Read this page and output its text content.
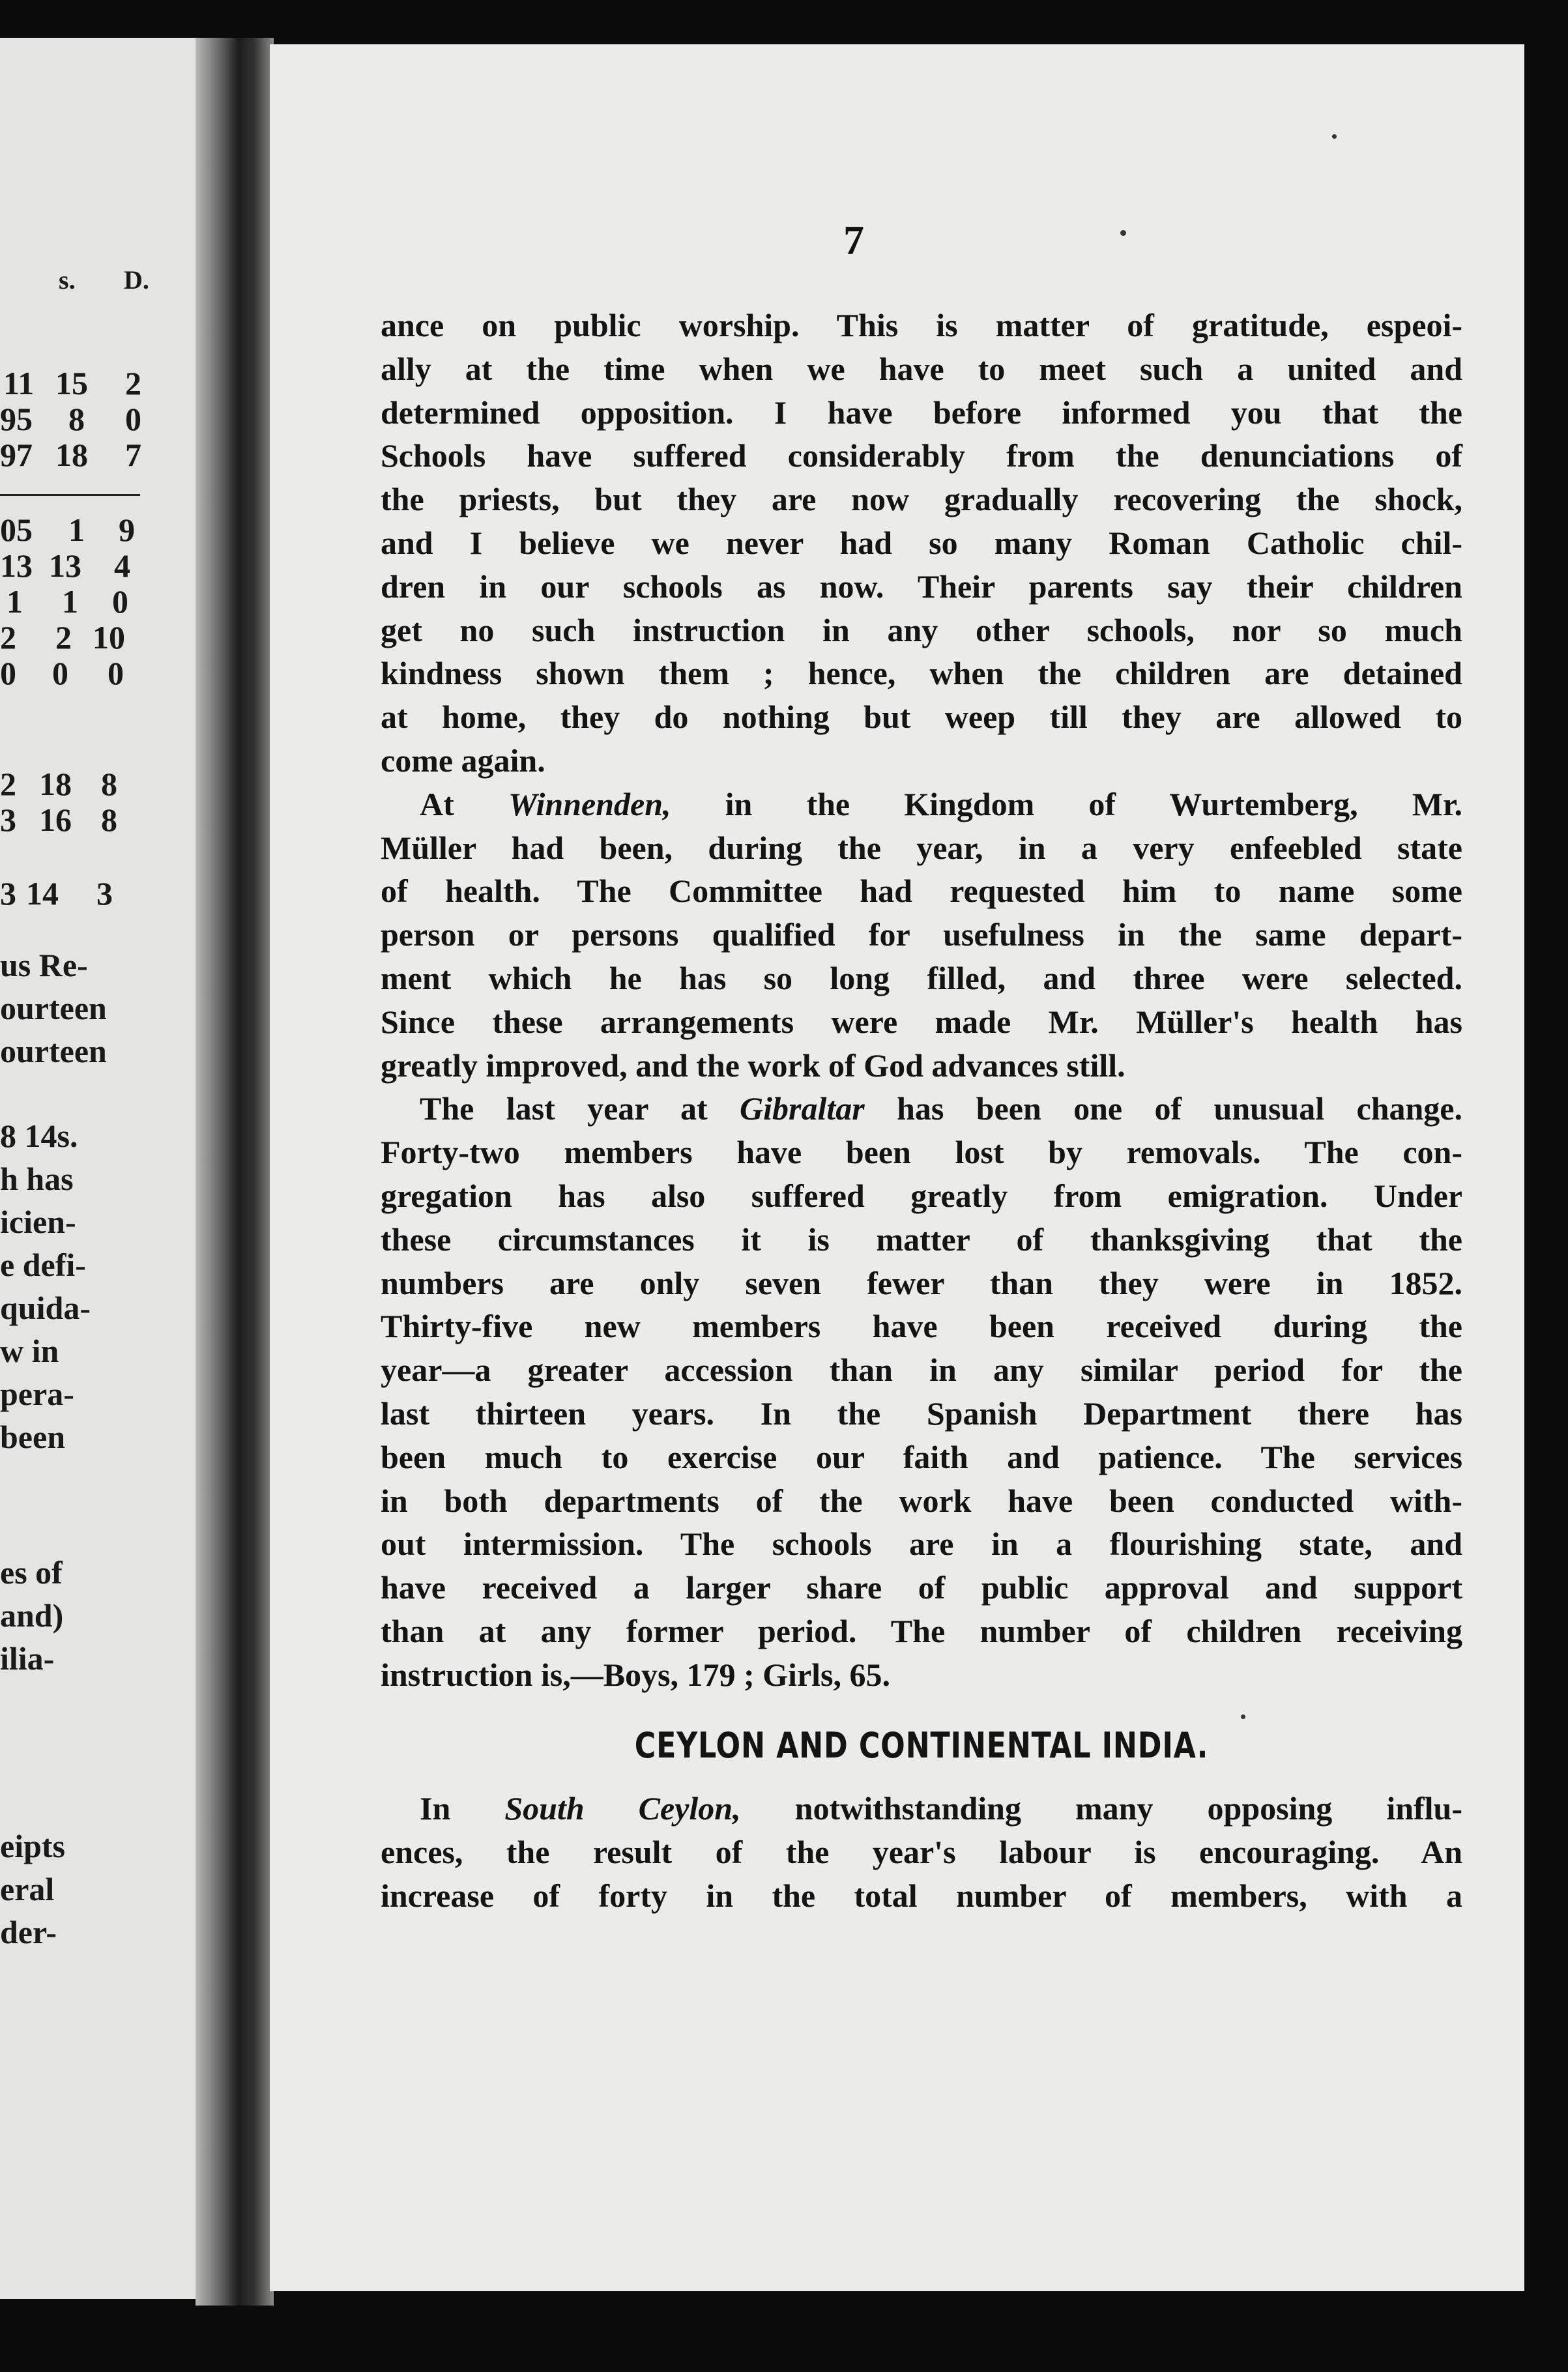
s. D.
11 15 2
95 8 0
97 18 7
05 1 9
13 13 4
1 1 0
2 2 10
0 0 0
2 18 8
3 16 8
3 14 3
us Re-
ourteen
ourteen
8 14s.
h has
icien-
e defi-
quida-
w in
pera-
been
es of
and)
ilia-
eipts
eral
der-
7
ance on public worship. This is matter of gratitude, espeoi-
ally at the time when we have to meet such a united and
determined opposition. I have before informed you that the
Schools have suffered considerably from the denunciations of
the priests, but they are now gradually recovering the shock,
and I believe we never had so many Roman Catholic chil-
dren in our schools as now. Their parents say their children
get no such instruction in any other schools, nor so much
kindness shown them ; hence, when the children are detained
at home, they do nothing but weep till they are allowed to
come again.
At Winnenden, in the Kingdom of Wurtemberg, Mr.
Müller had been, during the year, in a very enfeebled state
of health. The Committee had requested him to name some
person or persons qualified for usefulness in the same depart-
ment which he has so long filled, and three were selected.
Since these arrangements were made Mr. Müller's health has
greatly improved, and the work of God advances still.
The last year at Gibraltar has been one of unusual change.
Forty-two members have been lost by removals. The con-
gregation has also suffered greatly from emigration. Under
these circumstances it is matter of thanksgiving that the
numbers are only seven fewer than they were in 1852.
Thirty-five new members have been received during the
year—a greater accession than in any similar period for the
last thirteen years. In the Spanish Department there has
been much to exercise our faith and patience. The services
in both departments of the work have been conducted with-
out intermission. The schools are in a flourishing state, and
have received a larger share of public approval and support
than at any former period. The number of children receiving
instruction is,—Boys, 179 ; Girls, 65.
CEYLON AND CONTINENTAL INDIA.
In South Ceylon, notwithstanding many opposing influ-
ences, the result of the year's labour is encouraging. An
increase of forty in the total number of members, with a
